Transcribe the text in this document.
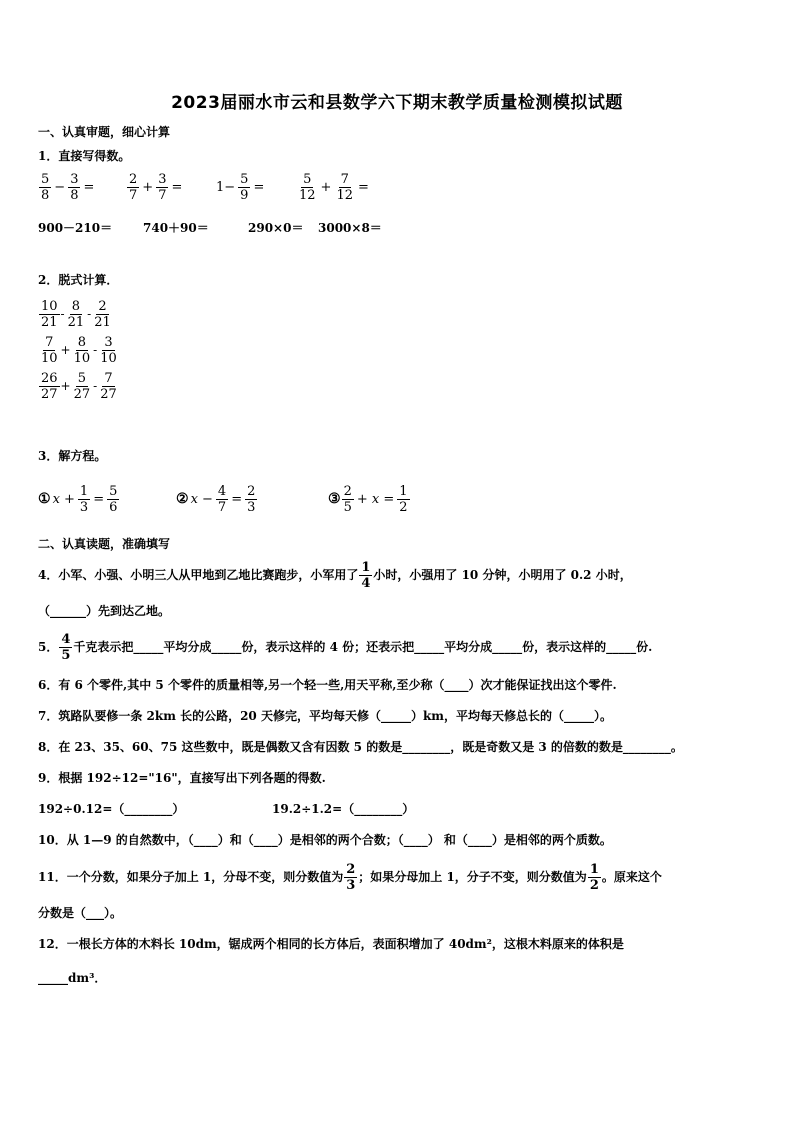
2023届丽水市云和县数学六下期末教学质量检测模拟试题
一、认真审题，细心计算
1．直接写得数。
$\frac{5}{8} - \frac{3}{8}$ =	$\frac{2}{7} + \frac{3}{7}$ =	$1- \frac{5}{9}$ =	$\frac{5}{12} + \frac{7}{12}$ =
900－210＝	740＋90＝	290×0＝ 3000×8＝
2．脱式计算．
$\frac{10}{21} - \frac{8}{21} - \frac{2}{21}$
$\frac{7}{10} + \frac{8}{10} - \frac{3}{10}$
$\frac{26}{27} + \frac{5}{27} - \frac{7}{27}$
3．解方程。
① $x + \frac{1}{3} = \frac{5}{6}$	② $x - \frac{4}{7} = \frac{2}{3}$	③ $\frac{2}{5} + x = \frac{1}{2}$
二、认真读题，准确填写
4．小军、小强、小明三人从甲地到乙地比赛跑步，小军用了 $\frac{1}{4}$ 小时，小强用了 10 分钟，小明用了 0.2 小时，
（______）先到达乙地。
5． $\frac{4}{5}$ 千克表示把_____平均分成_____份，表示这样的 4 份；还表示把_____平均分成_____份，表示这样的_____份.
6．有 6 个零件,其中 5 个零件的质量相等,另一个轻一些,用天平称,至少称（____）次才能保证找出这个零件.
7．筑路队要修一条 2km 长的公路，20 天修完，平均每天修（_____）km，平均每天修总长的（_____）。
8．在 23、35、60、75 这些数中，既是偶数又含有因数 5 的数是________，既是奇数又是 3 的倍数的数是________。
9．根据 192÷12="16"，直接写出下列各题的得数.
192÷0.12=（________）	19.2÷1.2=（________）
10．从 1—9 的自然数中，（____）和（____）是相邻的两个合数；（____） 和（____）是相邻的两个质数。
11．一个分数，如果分子加上 1，分母不变，则分数值为 $\frac{2}{3}$ ；如果分母加上 1，分子不变，则分数值为 $\frac{1}{2}$ 。原来这个
分数是（___）。
12．一根长方体的木料长 10dm，锯成两个相同的长方体后，表面积增加了 40dm²，这根木料原来的体积是
_____dm³．
